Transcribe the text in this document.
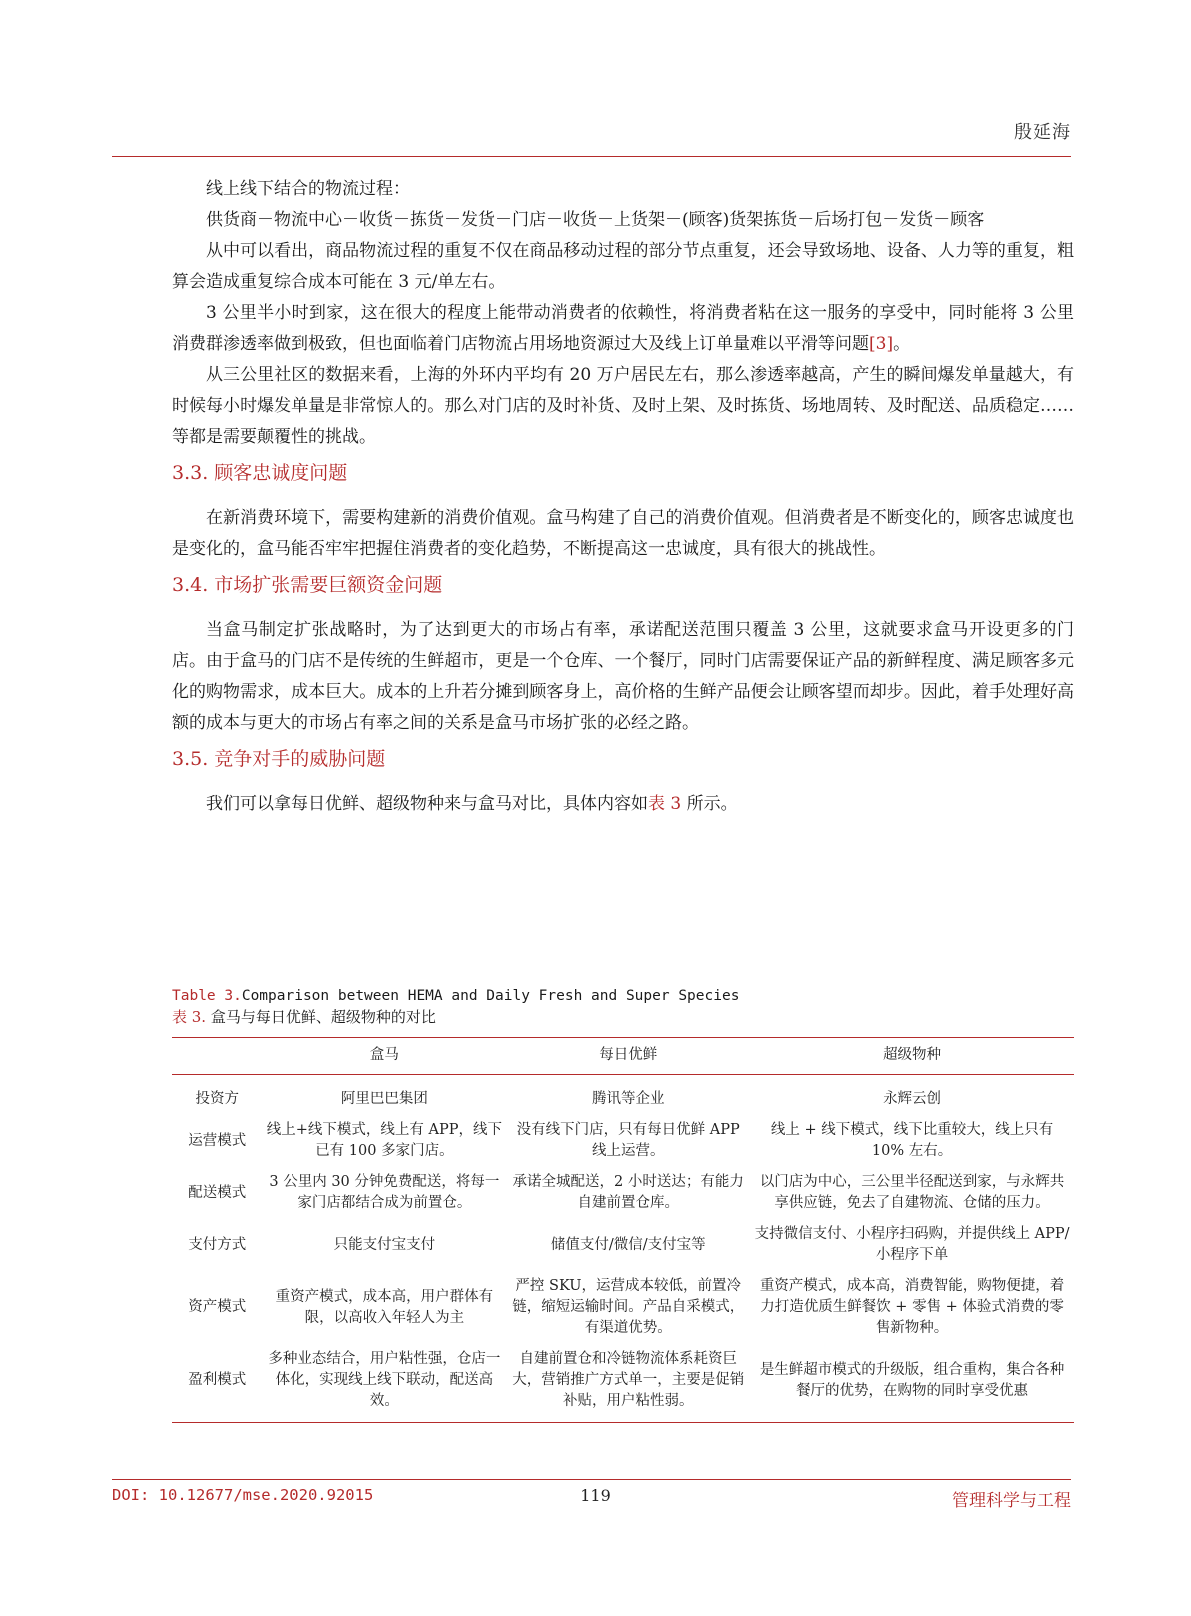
殷延海

线上线下结合的物流过程：

供货商－物流中心－收货－拣货－发货－门店－收货－上货架－(顾客)货架拣货－后场打包－发货－顾客

从中可以看出，商品物流过程的重复不仅在商品移动过程的部分节点重复，还会导致场地、设备、人力等的重复，粗算会造成重复综合成本可能在 3 元/单左右。

3 公里半小时到家，这在很大的程度上能带动消费者的依赖性，将消费者粘在这一服务的享受中，同时能将 3 公里消费群渗透率做到极致，但也面临着门店物流占用场地资源过大及线上订单量难以平滑等问题[3]。

从三公里社区的数据来看，上海的外环内平均有 20 万户居民左右，那么渗透率越高，产生的瞬间爆发单量越大，有时候每小时爆发单量是非常惊人的。那么对门店的及时补货、及时上架、及时拣货、场地周转、及时配送、品质稳定……等都是需要颠覆性的挑战。

3.3. 顾客忠诚度问题

在新消费环境下，需要构建新的消费价值观。盒马构建了自己的消费价值观。但消费者是不断变化的，顾客忠诚度也是变化的，盒马能否牢牢把握住消费者的变化趋势，不断提高这一忠诚度，具有很大的挑战性。

3.4. 市场扩张需要巨额资金问题

当盒马制定扩张战略时，为了达到更大的市场占有率，承诺配送范围只覆盖 3 公里，这就要求盒马开设更多的门店。由于盒马的门店不是传统的生鲜超市，更是一个仓库、一个餐厅，同时门店需要保证产品的新鲜程度、满足顾客多元化的购物需求，成本巨大。成本的上升若分摊到顾客身上，高价格的生鲜产品便会让顾客望而却步。因此，着手处理好高额的成本与更大的市场占有率之间的关系是盒马市场扩张的必经之路。

3.5. 竞争对手的威胁问题

我们可以拿每日优鲜、超级物种来与盒马对比，具体内容如表 3 所示。

Table 3.Comparison between HEMA and Daily Fresh and Super Species
表 3. 盒马与每日优鲜、超级物种的对比
	盒马	每日优鲜	超级物种
投资方	阿里巴巴集团	腾讯等企业	永辉云创
运营模式	线上+线下模式，线上有 APP，线下已有 100 多家门店。	没有线下门店，只有每日优鲜 APP 线上运营。	线上 + 线下模式，线下比重较大，线上只有 10% 左右。
配送模式	3 公里内 30 分钟免费配送，将每一家门店都结合成为前置仓。	承诺全城配送，2 小时送达；有能力自建前置仓库。	以门店为中心，三公里半径配送到家，与永辉共享供应链，免去了自建物流、仓储的压力。
支付方式	只能支付宝支付	储值支付/微信/支付宝等	支持微信支付、小程序扫码购，并提供线上 APP/ 小程序下单
资产模式	重资产模式，成本高，用户群体有限，以高收入年轻人为主	严控 SKU，运营成本较低，前置冷链，缩短运输时间。产品自采模式，有渠道优势。	重资产模式，成本高，消费智能，购物便捷，着力打造优质生鲜餐饮 + 零售 + 体验式消费的零售新物种。
盈利模式	多种业态结合，用户粘性强，仓店一体化，实现线上线下联动，配送高效。	自建前置仓和冷链物流体系耗资巨大，营销推广方式单一，主要是促销补贴，用户粘性弱。	是生鲜超市模式的升级版，组合重构，集合各种餐厅的优势，在购物的同时享受优惠
DOI: 10.12677/mse.2020.92015	119	管理科学与工程
